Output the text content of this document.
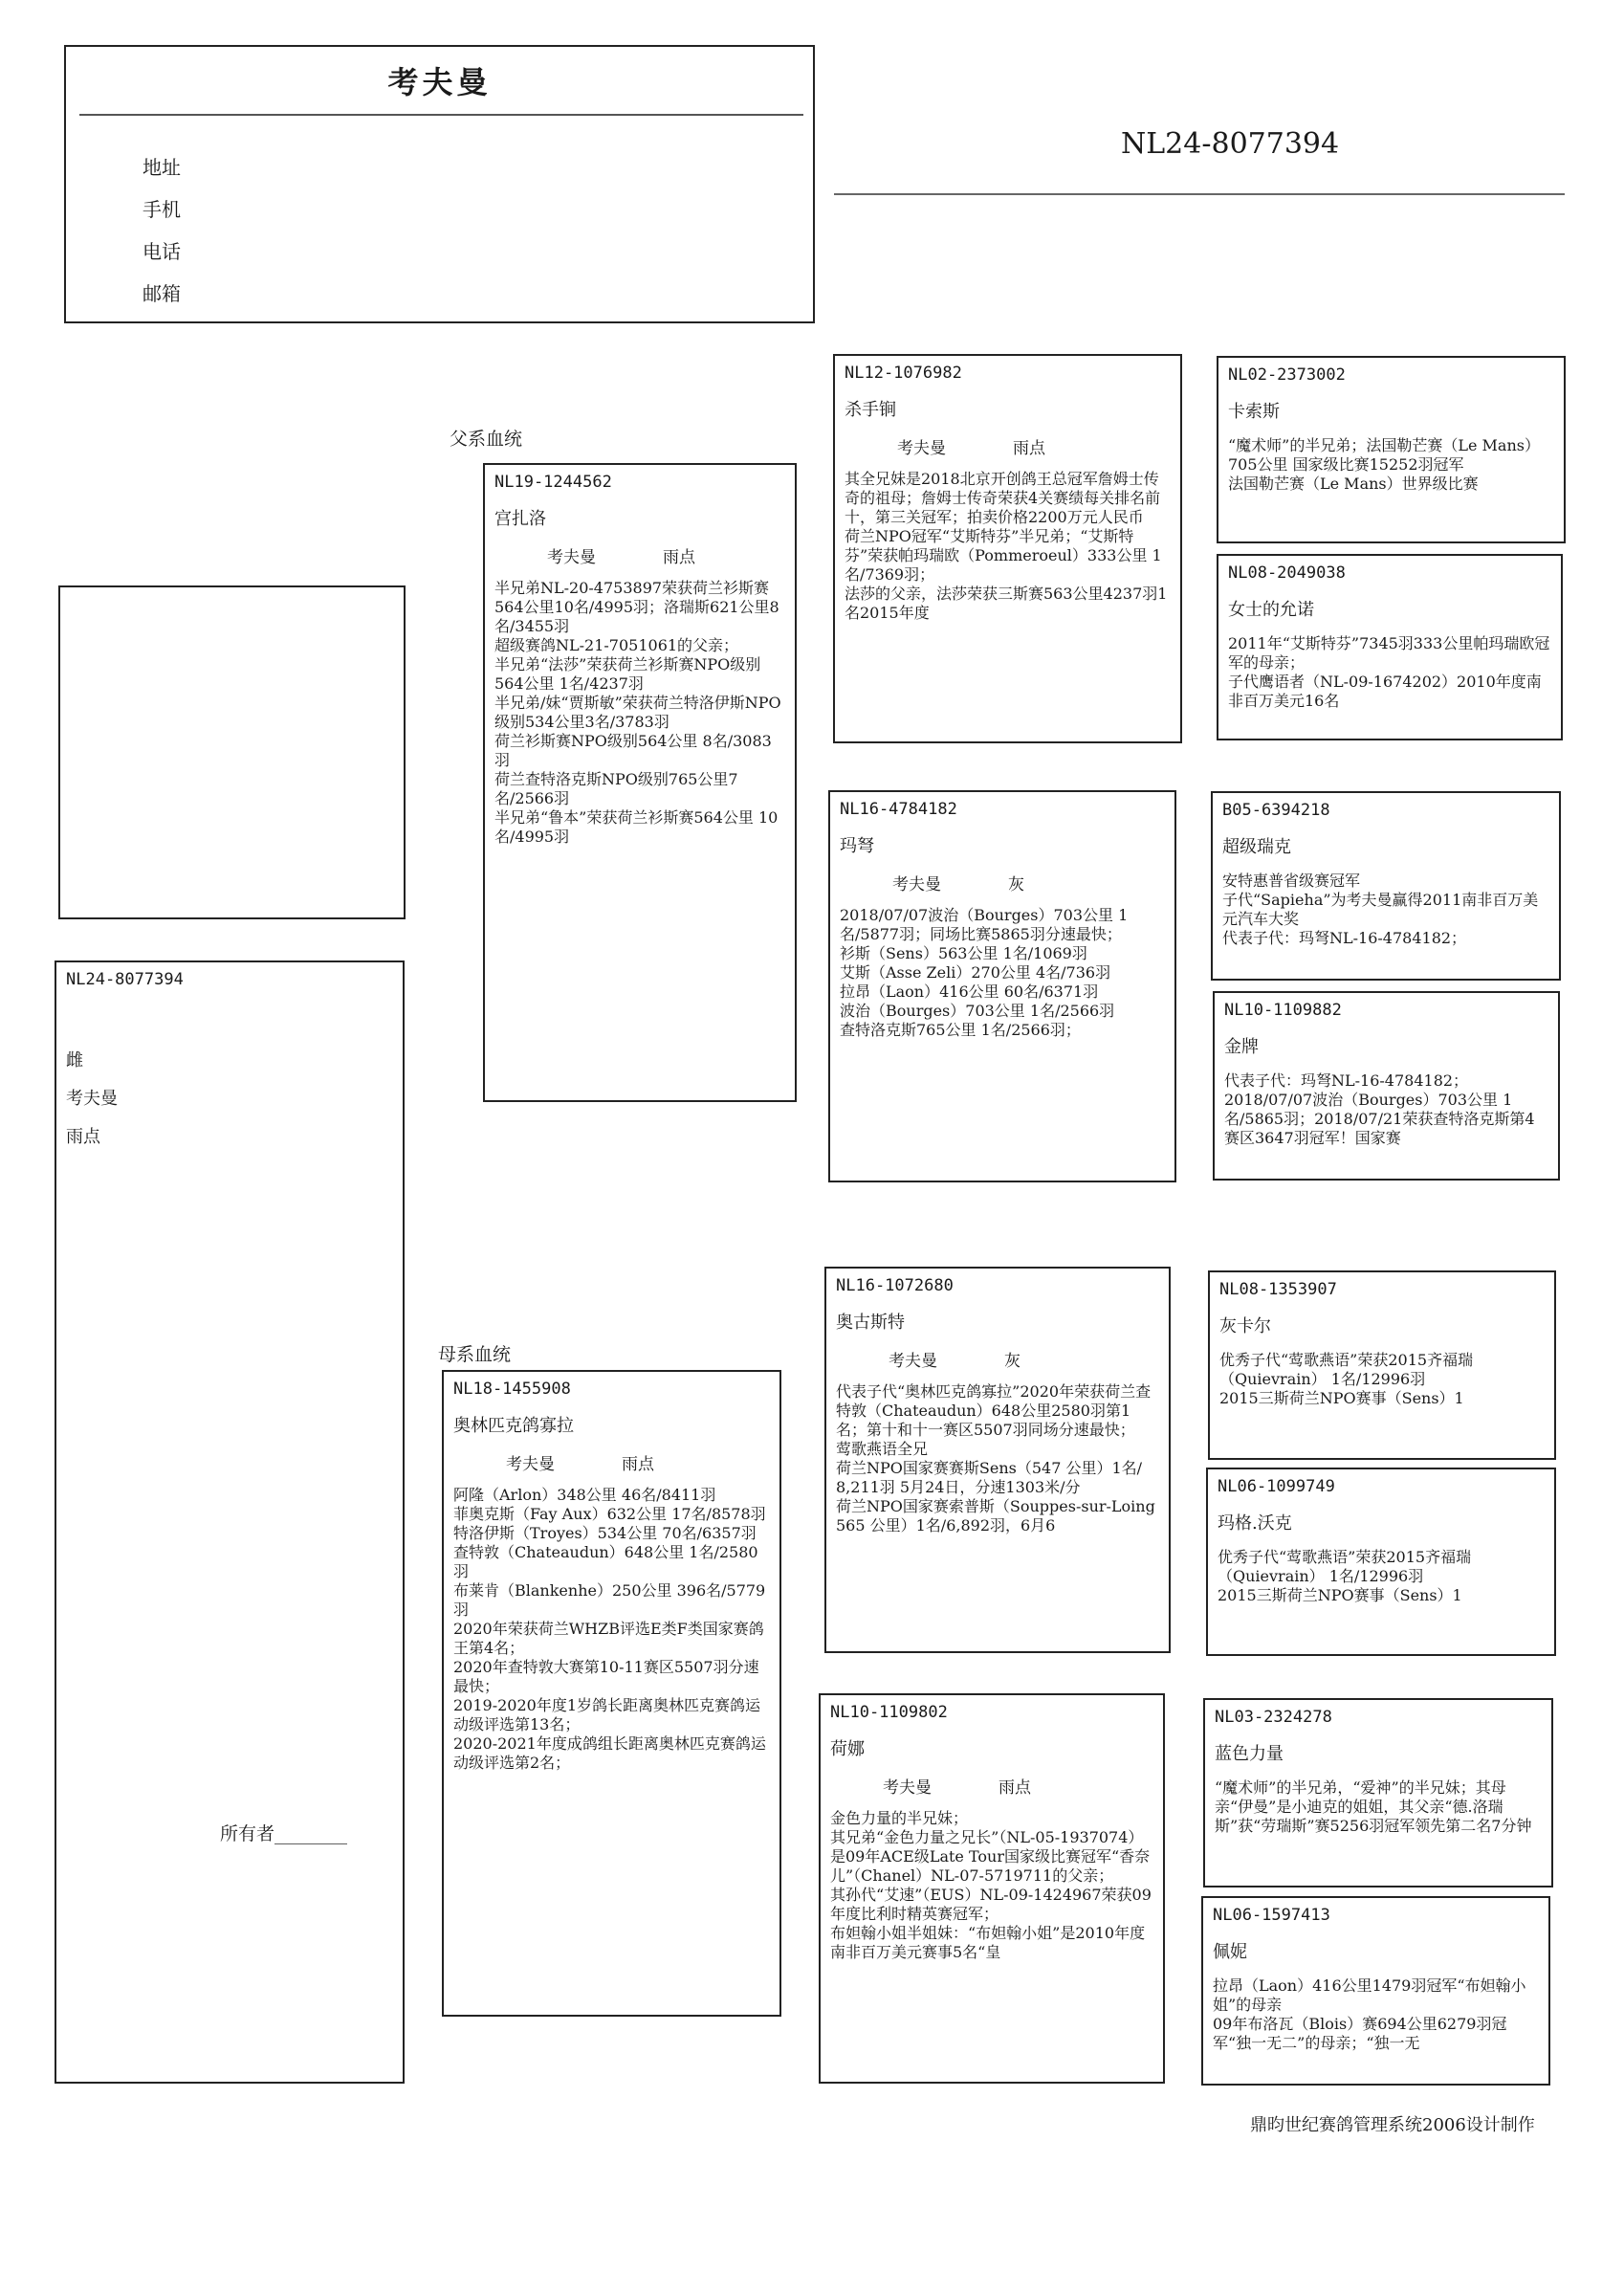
考夫曼
地址
手机
电话
邮箱
NL24-8077394
NL24-8077394
雌
考夫曼
雨点
父系血统
母系血统
所有者________
NL19-1244562
宫扎洛
考夫曼	雨点
半兄弟NL-20-4753897荣获荷兰衫斯赛564公里10名/4995羽；洛瑞斯621公里8名/3455羽
超级赛鸽NL-21-7051061的父亲；
半兄弟“法莎”荣获荷兰衫斯赛NPO级别564公里 1名/4237羽
半兄弟/妹“贾斯敏”荣获荷兰特洛伊斯NPO级别534公里3名/3783羽
荷兰衫斯赛NPO级别564公里 8名/3083羽
荷兰查特洛克斯NPO级别765公里7名/2566羽
半兄弟“鲁本”荣获荷兰衫斯赛564公里 10名/4995羽
NL18-1455908
奥林匹克鸽寡拉
考夫曼	雨点
阿隆（Arlon）348公里 46名/8411羽
菲奥克斯（Fay Aux）632公里 17名/8578羽
特洛伊斯（Troyes）534公里 70名/6357羽
查特敦（Chateaudun）648公里 1名/2580羽
布莱肯（Blankenhe）250公里 396名/5779羽
2020年荣获荷兰WHZB评选E类F类国家赛鸽王第4名；
2020年查特敦大赛第10-11赛区5507羽分速最快；
2019-2020年度1岁鸽长距离奥林匹克赛鸽运动级评选第13名；
2020-2021年度成鸽组长距离奥林匹克赛鸽运动级评选第2名；
NL12-1076982
杀手锏
考夫曼	雨点
其全兄妹是2018北京开创鸽王总冠军詹姆士传奇的祖母；詹姆士传奇荣获4关赛绩每关排名前十，第三关冠军；拍卖价格2200万元人民币
荷兰NPO冠军“艾斯特芬”半兄弟；“艾斯特芬”荣获帕玛瑞欧（Pommeroeul）333公里 1名/7369羽；
法莎的父亲，法莎荣获三斯赛563公里4237羽1名2015年度
NL16-4784182
玛弩
考夫曼	灰
2018/07/07波治（Bourges）703公里 1名/5877羽；同场比赛5865羽分速最快；
衫斯（Sens）563公里 1名/1069羽
艾斯（Asse Zeli）270公里 4名/736羽
拉昂（Laon）416公里 60名/6371羽
波治（Bourges）703公里 1名/2566羽
查特洛克斯765公里 1名/2566羽；
NL16-1072680
奥古斯特
考夫曼	灰
代表子代“奥林匹克鸽寡拉”2020年荣获荷兰查特敦（Chateaudun）648公里2580羽第1名；第十和十一赛区5507羽同场分速最快；
莺歌燕语全兄
荷兰NPO国家赛赛斯Sens（547 公里）1名/ 8,211羽 5月24日，分速1303米/分
荷兰NPO国家赛索普斯（Souppes-sur-Loing 565 公里）1名/6,892羽，6月6
NL10-1109802
荷娜
考夫曼	雨点
金色力量的半兄妹；
其兄弟“金色力量之兄长”（NL-05-1937074）是09年ACE级Late Tour国家级比赛冠军“香奈儿”（Chanel）NL-07-5719711的父亲；
其孙代“艾速”（EUS）NL-09-1424967荣获09年度比利时精英赛冠军；
布妲翰小姐半姐妹：“布妲翰小姐”是2010年度南非百万美元赛事5名“皇
NL02-2373002
卡索斯
“魔术师”的半兄弟；法国勒芒赛（Le Mans）705公里 国家级比赛15252羽冠军
法国勒芒赛（Le Mans）世界级比赛
NL08-2049038
女士的允诺
2011年“艾斯特芬”7345羽333公里帕玛瑞欧冠军的母亲；
子代鹰语者（NL-09-1674202）2010年度南非百万美元16名
B05-6394218
超级瑞克
安特惠普省级赛冠军
子代“Sapieha”为考夫曼赢得2011南非百万美元汽车大奖
代表子代：玛弩NL-16-4784182；
NL10-1109882
金牌
代表子代：玛弩NL-16-4784182；
2018/07/07波治（Bourges）703公里 1名/5865羽；2018/07/21荣获查特洛克斯第4赛区3647羽冠军！国家赛
NL08-1353907
灰卡尔
优秀子代“莺歌燕语”荣获2015齐福瑞（Quievrain） 1名/12996羽
2015三斯荷兰NPO赛事（Sens）1
NL06-1099749
玛格.沃克
优秀子代“莺歌燕语”荣获2015齐福瑞（Quievrain） 1名/12996羽
2015三斯荷兰NPO赛事（Sens）1
NL03-2324278
蓝色力量
“魔术师”的半兄弟，“爱神”的半兄妹；其母亲“伊曼”是小迪克的姐姐，其父亲“德.洛瑞斯”获“劳瑞斯”赛5256羽冠军领先第二名7分钟
NL06-1597413
佩妮
拉昂（Laon）416公里1479羽冠军“布妲翰小姐”的母亲
09年布洛瓦（Blois）赛694公里6279羽冠军“独一无二”的母亲；“独一无
鼎昀世纪赛鸽管理系统2006设计制作
